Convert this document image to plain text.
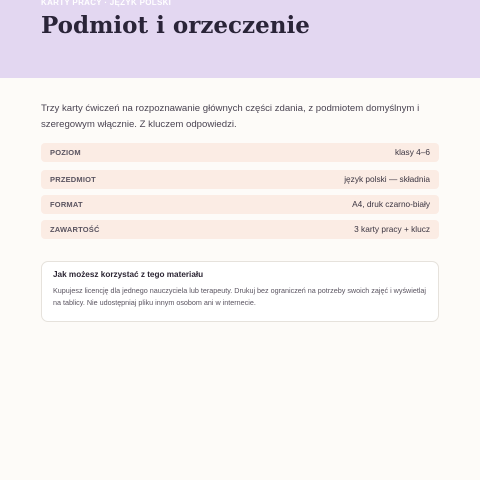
KARTY PRACY · JĘZYK POLSKI
Podmiot i orzeczenie

Trzy karty ćwiczeń na rozpoznawanie głównych części zdania, z podmiotem domyślnym i szeregowym włącznie. Z kluczem odpowiedzi.

POZIOM	klasy 4–6
PRZEDMIOT	język polski — składnia
FORMAT	A4, druk czarno-biały
ZAWARTOŚĆ	3 karty pracy + klucz
Jak możesz korzystać z tego materiału

Kupujesz licencję dla jednego nauczyciela lub terapeuty. Drukuj bez ograniczeń na potrzeby swoich zajęć i wyświetlaj na tablicy. Nie udostępniaj pliku innym osobom ani w internecie.
